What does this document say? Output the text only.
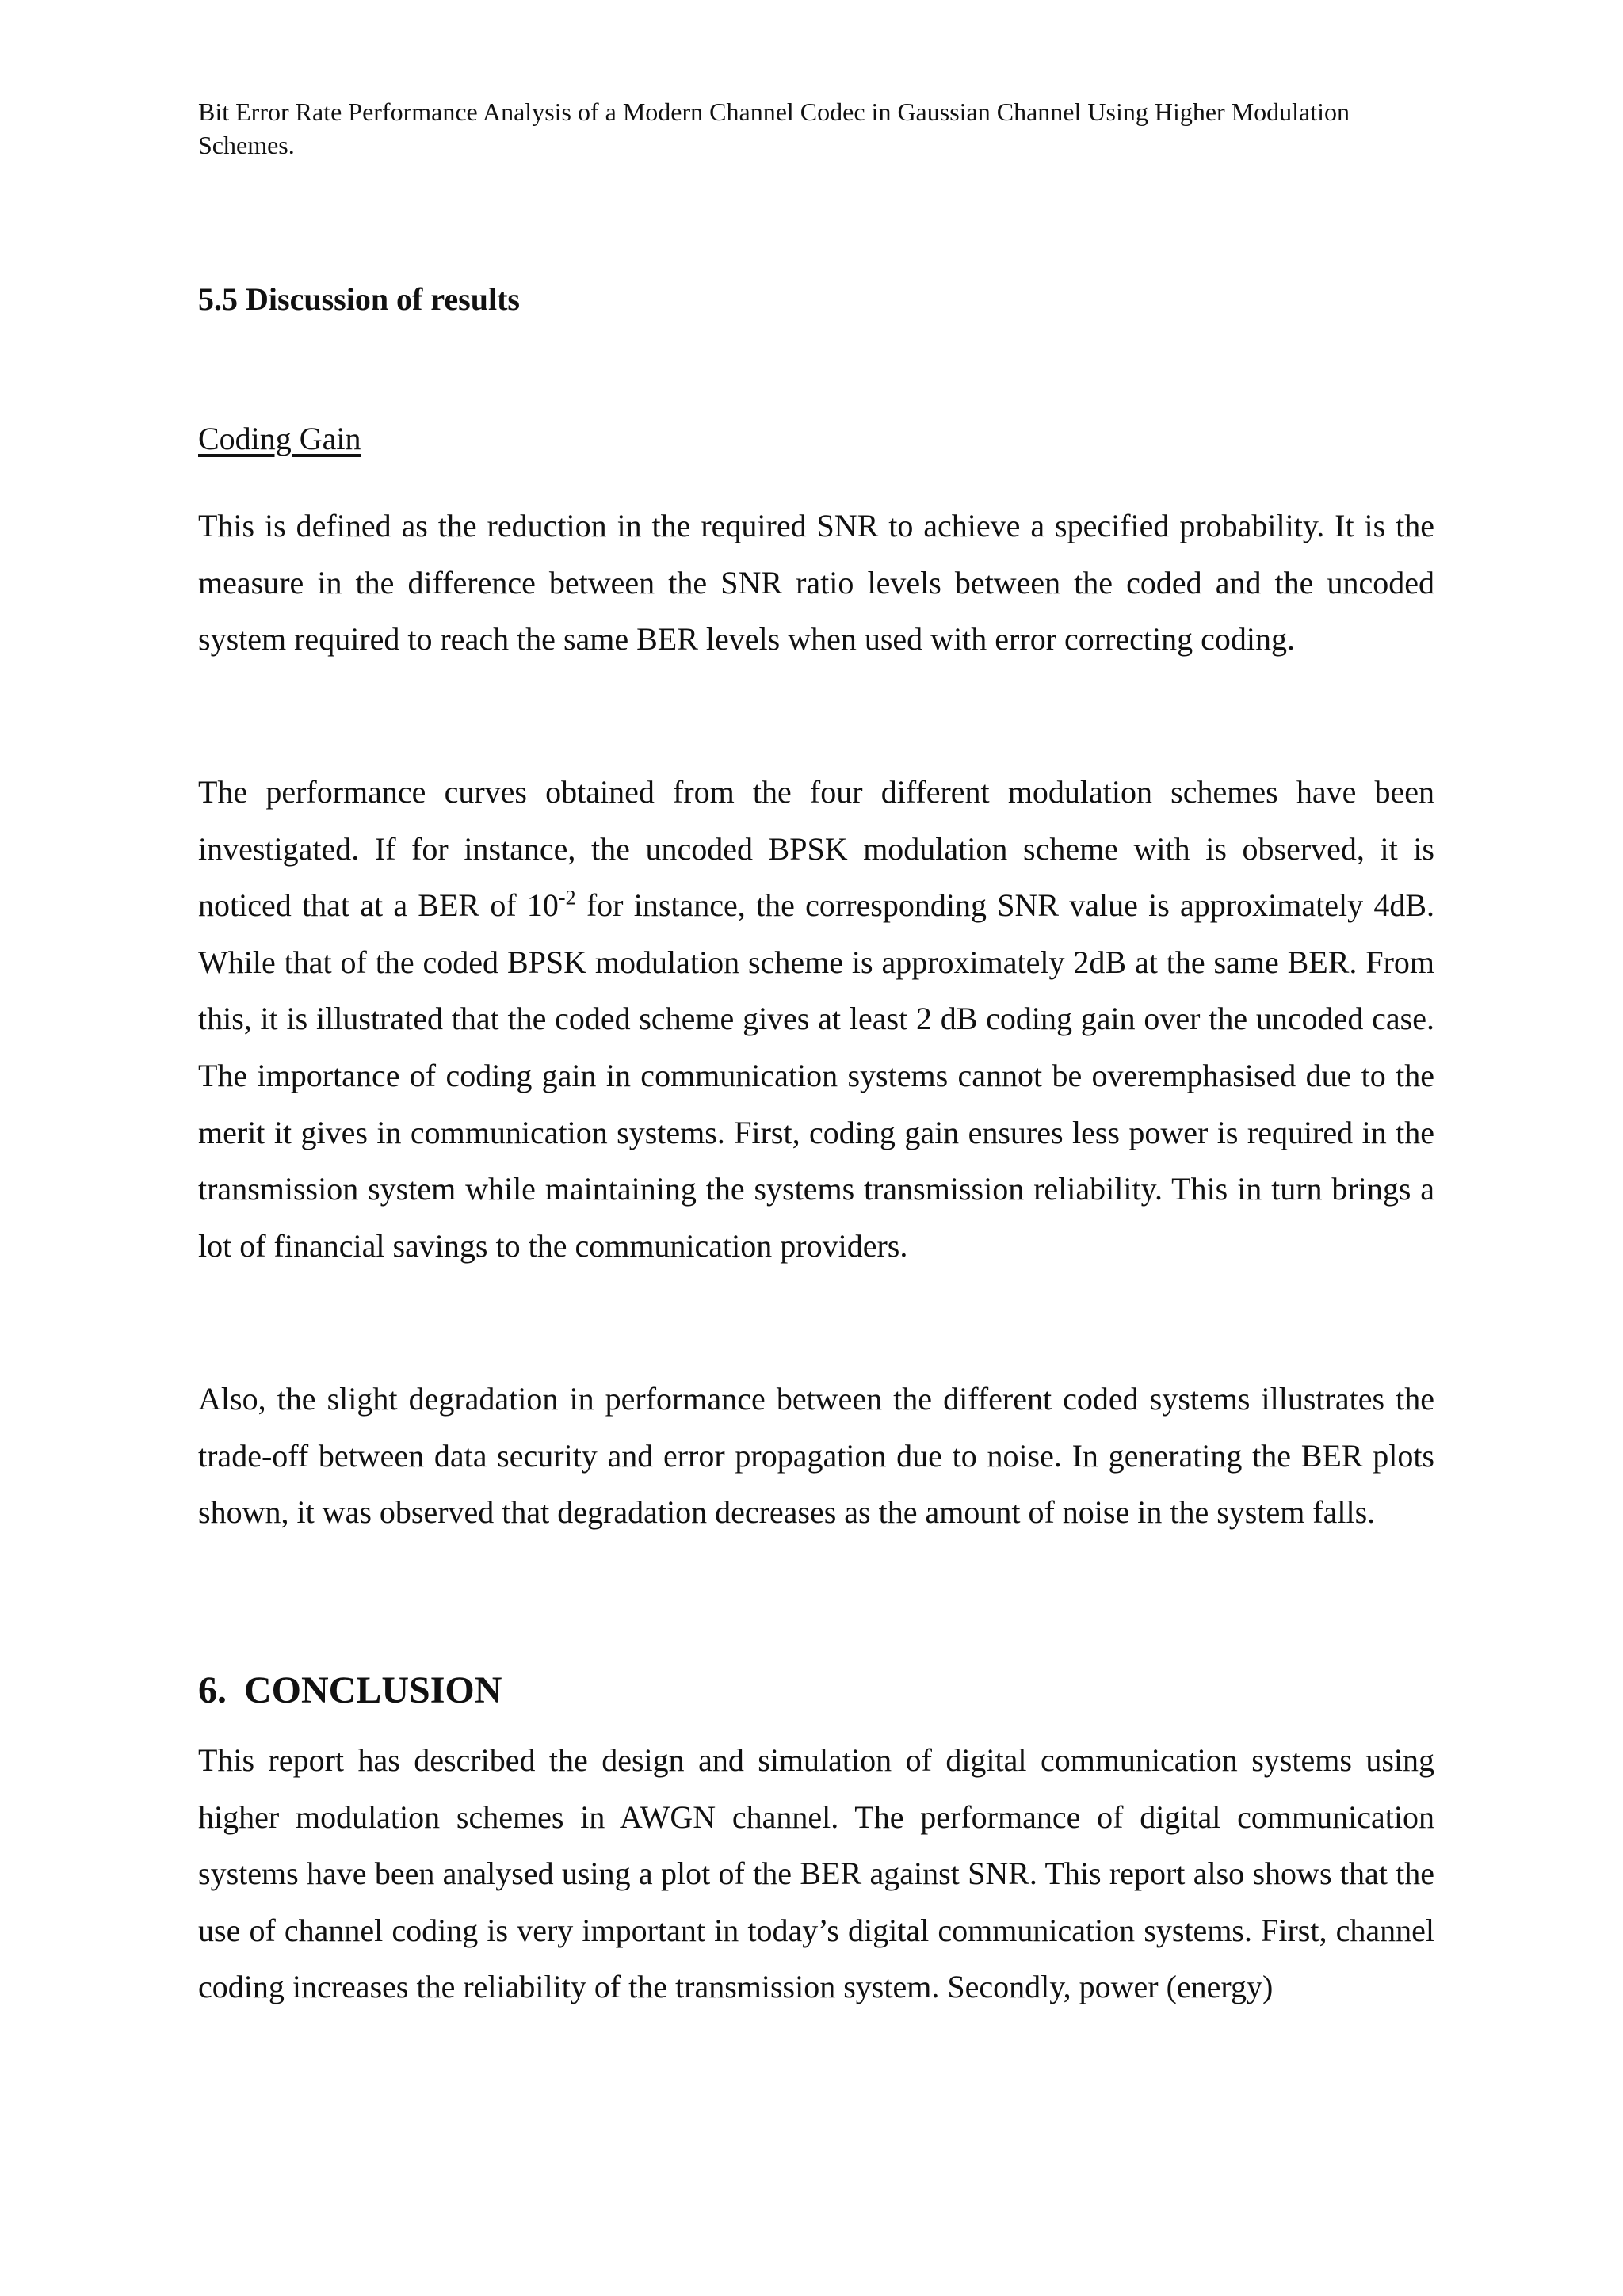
Bit Error Rate Performance Analysis of a Modern Channel Codec in Gaussian Channel Using Higher Modulation Schemes.
5.5 Discussion of results
Coding Gain

This is defined as the reduction in the required SNR to achieve a specified probability. It is the measure in the difference between the SNR ratio levels between the coded and the uncoded system required to reach the same BER levels when used with error correcting coding.

The performance curves obtained from the four different modulation schemes have been investigated. If for instance, the uncoded BPSK modulation scheme with is observed, it is noticed that at a BER of $10^{-2}$ for instance, the corresponding SNR value is approximately 4dB. While that of the coded BPSK modulation scheme is approximately 2dB at the same BER. From this, it is illustrated that the coded scheme gives at least 2 dB coding gain over the uncoded case. The importance of coding gain in communication systems cannot be overemphasised due to the merit it gives in communication systems. First, coding gain ensures less power is required in the transmission system while maintaining the systems transmission reliability. This in turn brings a lot of financial savings to the communication providers.

Also, the slight degradation in performance between the different coded systems illustrates the trade-off between data security and error propagation due to noise. In generating the BER plots shown, it was observed that degradation decreases as the amount of noise in the system falls.

6. CONCLUSION

This report has described the design and simulation of digital communication systems using higher modulation schemes in AWGN channel. The performance of digital communication systems have been analysed using a plot of the BER against SNR. This report also shows that the use of channel coding is very important in today’s digital communication systems. First, channel coding increases the reliability of the transmission system. Secondly, power (energy)
